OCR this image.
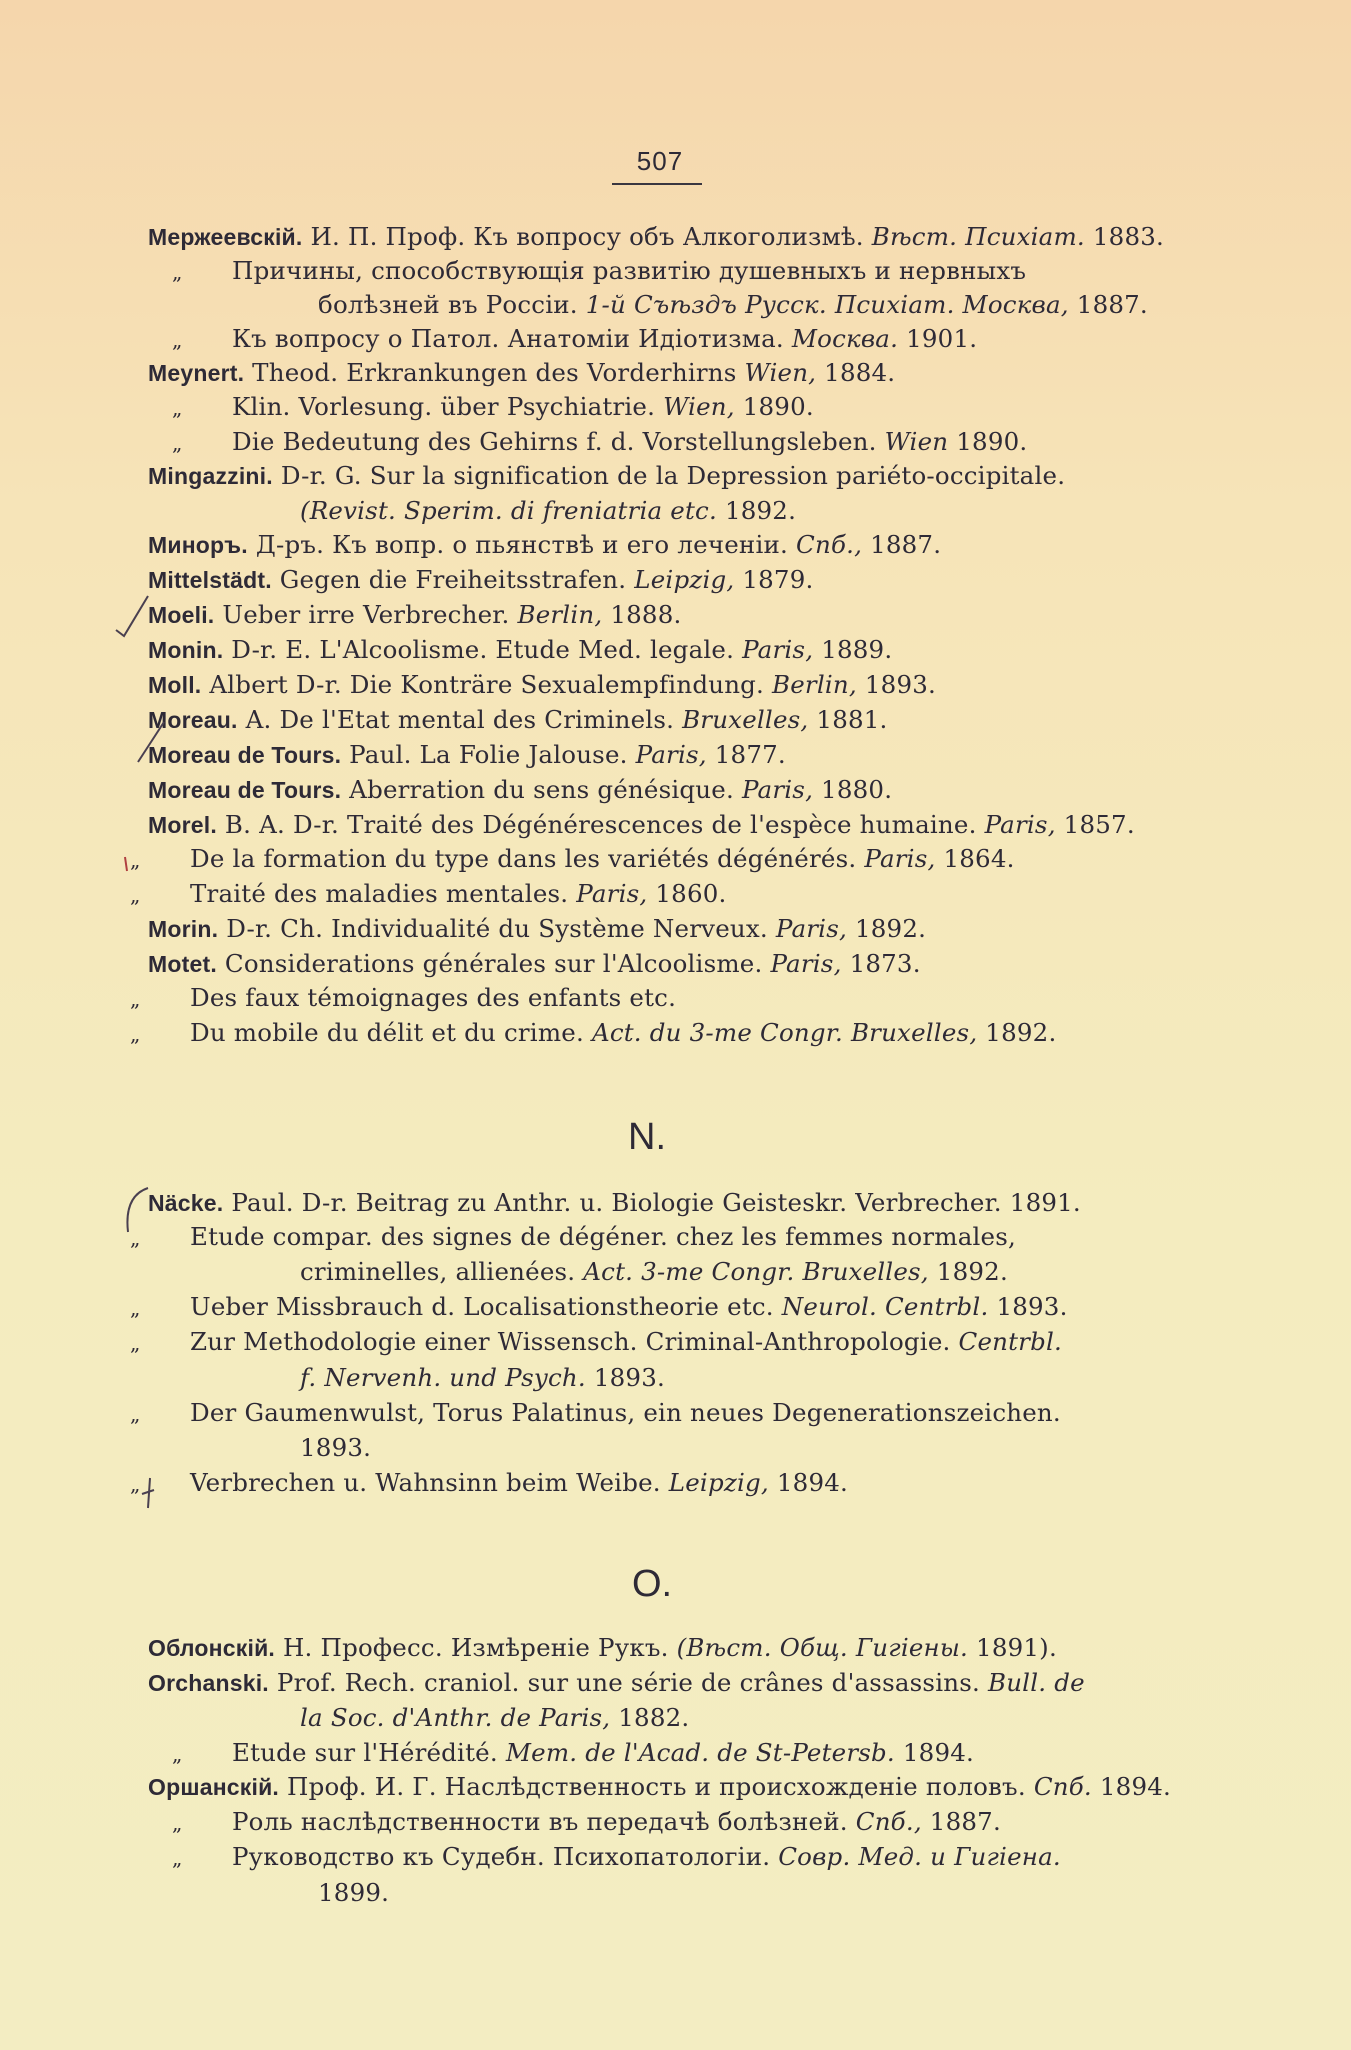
507
Мержеевскій. И. П. Проф. Къ вопросу объ Алкоголизмѣ. Вѣст. Психіат. 1883.
„ Причины, способствующія развитію душевныхъ и нервныхъ
болѣзней въ Россіи. 1-й Съѣздъ Русск. Психіат. Москва, 1887.
„ Къ вопросу о Патол. Анатоміи Идіотизма. Москва. 1901.
Meynert. Theod. Erkrankungen des Vorderhirns Wien, 1884.
„ Klin. Vorlesung. über Psychiatrie. Wien, 1890.
„ Die Bedeutung des Gehirns f. d. Vorstellungsleben. Wien 1890.
Mingazzini. D-r. G. Sur la signification de la Depression pariéto-occipitale.
(Revist. Sperim. di freniatria etc. 1892.
Миноръ. Д-ръ. Къ вопр. о пьянствѣ и его леченіи. Спб., 1887.
Mittelstädt. Gegen die Freiheitsstrafen. Leipzig, 1879.
Moeli. Ueber irre Verbrecher. Berlin, 1888.
Monin. D-r. E. L'Alcoolisme. Etude Med. legale. Paris, 1889.
Moll. Albert D-r. Die Konträre Sexualempfindung. Berlin, 1893.
Moreau. A. De l'Etat mental des Criminels. Bruxelles, 1881.
Moreau de Tours. Paul. La Folie Jalouse. Paris, 1877.
Moreau de Tours. Aberration du sens génésique. Paris, 1880.
Morel. B. A. D-r. Traité des Dégénérescences de l'espèce humaine. Paris, 1857.
„ De la formation du type dans les variétés dégénérés. Paris, 1864.
„ Traité des maladies mentales. Paris, 1860.
Morin. D-r. Ch. Individualité du Système Nerveux. Paris, 1892.
Motet. Considerations générales sur l'Alcoolisme. Paris, 1873.
„ Des faux témoignages des enfants etc.
„ Du mobile du délit et du crime. Act. du 3-me Congr. Bruxelles, 1892.
Näcke. Paul. D-r. Beitrag zu Anthr. u. Biologie Geisteskr. Verbrecher. 1891.
„ Etude compar. des signes de dégéner. chez les femmes normales,
criminelles, allienées. Act. 3-me Congr. Bruxelles, 1892.
„ Ueber Missbrauch d. Localisationstheorie etc. Neurol. Centrbl. 1893.
„ Zur Methodologie einer Wissensch. Criminal-Anthropologie. Centrbl.
f. Nervenh. und Psych. 1893.
„ Der Gaumenwulst, Torus Palatinus, ein neues Degenerationszeichen.
1893.
„ Verbrechen u. Wahnsinn beim Weibe. Leipzig, 1894.
Облонскій. Н. Професс. Измѣреніе Рукъ. (Вѣст. Общ. Гигіены. 1891).
Orchanski. Prof. Rech. craniol. sur une série de crânes d'assassins. Bull. de
la Soc. d'Anthr. de Paris, 1882.
„ Etude sur l'Hérédité. Mem. de l'Acad. de St-Petersb. 1894.
Оршанскій. Проф. И. Г. Наслѣдственность и происхожденіе половъ. Спб. 1894.
„ Роль наслѣдственности въ передачѣ болѣзней. Спб., 1887.
„ Руководство къ Судебн. Психопатологіи. Совр. Мед. и Гигіена.
1899.
N.
O.
